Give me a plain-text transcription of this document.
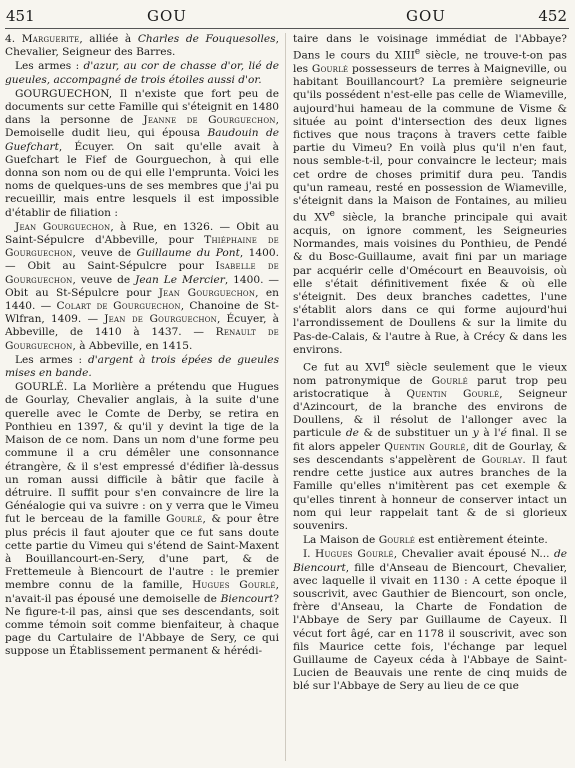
451	GOU	GOU	452

4. Marguerite, alliée à Charles de Fouquesolles, Chevalier, Seigneur des Barres.

Les armes : d'azur, au cor de chasse d'or, lié de gueules, accompagné de trois étoiles aussi d'or.

GOURGUECHON, Il n'existe que fort peu de documents sur cette Famille qui s'éteignit en 1480 dans la personne de Jeanne de Gourguechon, Demoiselle dudit lieu, qui épousa Baudouin de Guefchart, Écuyer. On sait qu'elle avait à Guefchart le Fief de Gourguechon, à qui elle donna son nom ou de qui elle l'emprunta. Voici les noms de quelques-uns de ses membres que j'ai pu recueillir, mais entre lesquels il est impossible d'établir de filiation :

Jean Gourguechon, à Rue, en 1326. — Obit au Saint-Sépulcre d'Abbeville, pour Thiéphaine de Gourguechon, veuve de Guillaume du Pont, 1400. — Obit au Saint-Sépulcre pour Isabelle de Gourguechon, veuve de Jean Le Mercier, 1400. — Obit au St-Sépulcre pour Jean Gourguechon, en 1440. — Colart de Gourguechon, Chanoine de St-Wlfran, 1409. — Jean de Gourguechon, Écuyer, à Abbeville, de 1410 à 1437. — Renault de Gourguechon, à Abbeville, en 1415.

Les armes : d'argent à trois épées de gueules mises en bande.

GOURLÉ. La Morlière a prétendu que Hugues de Gourlay, Chevalier anglais, à la suite d'une querelle avec le Comte de Derby, se retira en Ponthieu en 1397, & qu'il y devint la tige de la Maison de ce nom. Dans un nom d'une forme peu commune il a cru démêler une consonnance étrangère, & il s'est empressé d'édifier là-dessus un roman aussi difficile à bâtir que facile à détruire. Il suffit pour s'en convaincre de lire la Généalogie qui va suivre : on y verra que le Vimeu fut le berceau de la famille Gourlé, & pour être plus précis il faut ajouter que ce fut sans doute cette partie du Vimeu qui s'étend de Saint-Maxent à Bouillancourt-en-Sery, d'une part, & de Frettemeule à Biencourt de l'autre : le premier membre connu de la famille, Hugues Gourlé, n'avait-il pas épousé une demoiselle de Biencourt? Ne figure-t-il pas, ainsi que ses descendants, soit comme témoin soit comme bienfaiteur, à chaque page du Cartulaire de l'Abbaye de Sery, ce qui suppose un Établissement permanent & hérédi-

taire dans le voisinage immédiat de l'Abbaye? Dans le cours du XIIIe siècle, ne trouve-t-on pas les Gourlé possesseurs de terres à Maigneville, ou habitant Bouillancourt? La première seigneurie qu'ils possédent n'est-elle pas celle de Wiameville, aujourd'hui hameau de la commune de Visme & située au point d'intersection des deux lignes fictives que nous traçons à travers cette faible partie du Vimeu? En voilà plus qu'il n'en faut, nous semble-t-il, pour convaincre le lecteur; mais cet ordre de choses primitif dura peu. Tandis qu'un rameau, resté en possession de Wiameville, s'éteignit dans la Maison de Fontaines, au milieu du XVe siècle, la branche principale qui avait acquis, on ignore comment, les Seigneuries Normandes, mais voisines du Ponthieu, de Pendé & du Bosc-Guillaume, avait fini par un mariage par acquérir celle d'Omécourt en Beauvoisis, où elle s'était définitivement fixée & où elle s'éteignit. Des deux branches cadettes, l'une s'établit alors dans ce qui forme aujourd'hui l'arrondissement de Doullens & sur la limite du Pas-de-Calais, & l'autre à Rue, à Crécy & dans les environs.

Ce fut au XVIe siècle seulement que le vieux nom patronymique de Gourlé parut trop peu aristocratique à Quentin Gourlé, Seigneur d'Azincourt, de la branche des environs de Doullens, & il résolut de l'allonger avec la particule de & de substituer un y à l'é final. Il se fit alors appeler Quentin Gourlé, dit de Gourlay, & ses descendants s'appelèrent de Gourlay. Il faut rendre cette justice aux autres branches de la Famille qu'elles n'imitèrent pas cet exemple & qu'elles tinrent à honneur de conserver intact un nom qui leur rappelait tant & de si glorieux souvenirs.

La Maison de Gourlé est entièrement éteinte.

I. Hugues Gourlé, Chevalier avait épousé N... de Biencourt, fille d'Anseau de Biencourt, Chevalier, avec laquelle il vivait en 1130 : A cette époque il souscrivit, avec Gauthier de Biencourt, son oncle, frère d'Anseau, la Charte de Fondation de l'Abbaye de Sery par Guillaume de Cayeux. Il vécut fort âgé, car en 1178 il souscrivit, avec son fils Maurice cette fois, l'échange par lequel Guillaume de Cayeux céda à l'Abbaye de Saint-Lucien de Beauvais une rente de cinq muids de blé sur l'Abbaye de Sery au lieu de ce que
